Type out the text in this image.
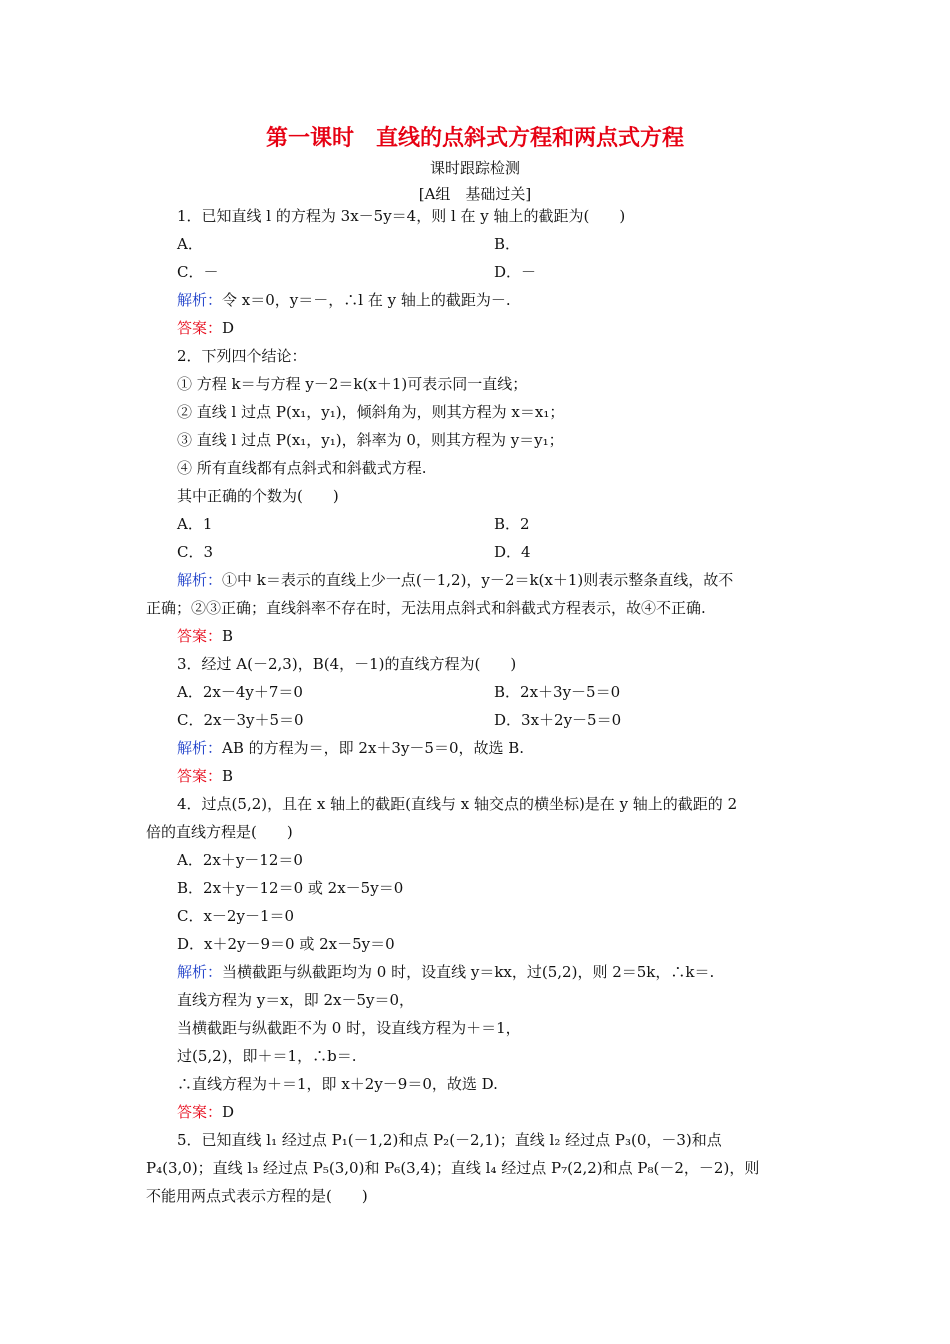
第一课时　直线的点斜式方程和两点式方程
课时跟踪检测
[A组　基础过关]
1．已知直线 l 的方程为 3x－5y＝4，则 l 在 y 轴上的截距为(　　)
A．	B．
C．－	D．－
解析：令 x＝0，y＝－，∴l 在 y 轴上的截距为－.
答案：D
2．下列四个结论：
① 方程 k＝与方程 y－2＝k(x＋1)可表示同一直线；
② 直线 l 过点 P(x₁，y₁)，倾斜角为，则其方程为 x＝x₁；
③ 直线 l 过点 P(x₁，y₁)，斜率为 0，则其方程为 y＝y₁；
④ 所有直线都有点斜式和斜截式方程.
其中正确的个数为(　　)
A．1	B．2
C．3	D．4
解析：①中 k＝表示的直线上少一点(－1,2)，y－2＝k(x＋1)则表示整条直线，故不
正确；②③正确；直线斜率不存在时，无法用点斜式和斜截式方程表示，故④不正确.
答案：B
3．经过 A(－2,3)，B(4，－1)的直线方程为(　　)
A．2x－4y＋7＝0	B．2x＋3y－5＝0
C．2x－3y＋5＝0	D．3x＋2y－5＝0
解析：AB 的方程为＝，即 2x＋3y－5＝0，故选 B.
答案：B
4．过点(5,2)，且在 x 轴上的截距(直线与 x 轴交点的横坐标)是在 y 轴上的截距的 2
倍的直线方程是(　　)
A．2x＋y－12＝0
B．2x＋y－12＝0 或 2x－5y＝0
C．x－2y－1＝0
D．x＋2y－9＝0 或 2x－5y＝0
解析：当横截距与纵截距均为 0 时，设直线 y＝kx，过(5,2)，则 2＝5k，∴k＝.
直线方程为 y＝x，即 2x－5y＝0，
当横截距与纵截距不为 0 时，设直线方程为＋＝1，
过(5,2)，即＋＝1，∴b＝.
∴直线方程为＋＝1，即 x＋2y－9＝0，故选 D.
答案：D
5．已知直线 l₁ 经过点 P₁(－1,2)和点 P₂(－2,1)；直线 l₂ 经过点 P₃(0，－3)和点
P₄(3,0)；直线 l₃ 经过点 P₅(3,0)和 P₆(3,4)；直线 l₄ 经过点 P₇(2,2)和点 P₈(－2，－2)，则
不能用两点式表示方程的是(　　)
